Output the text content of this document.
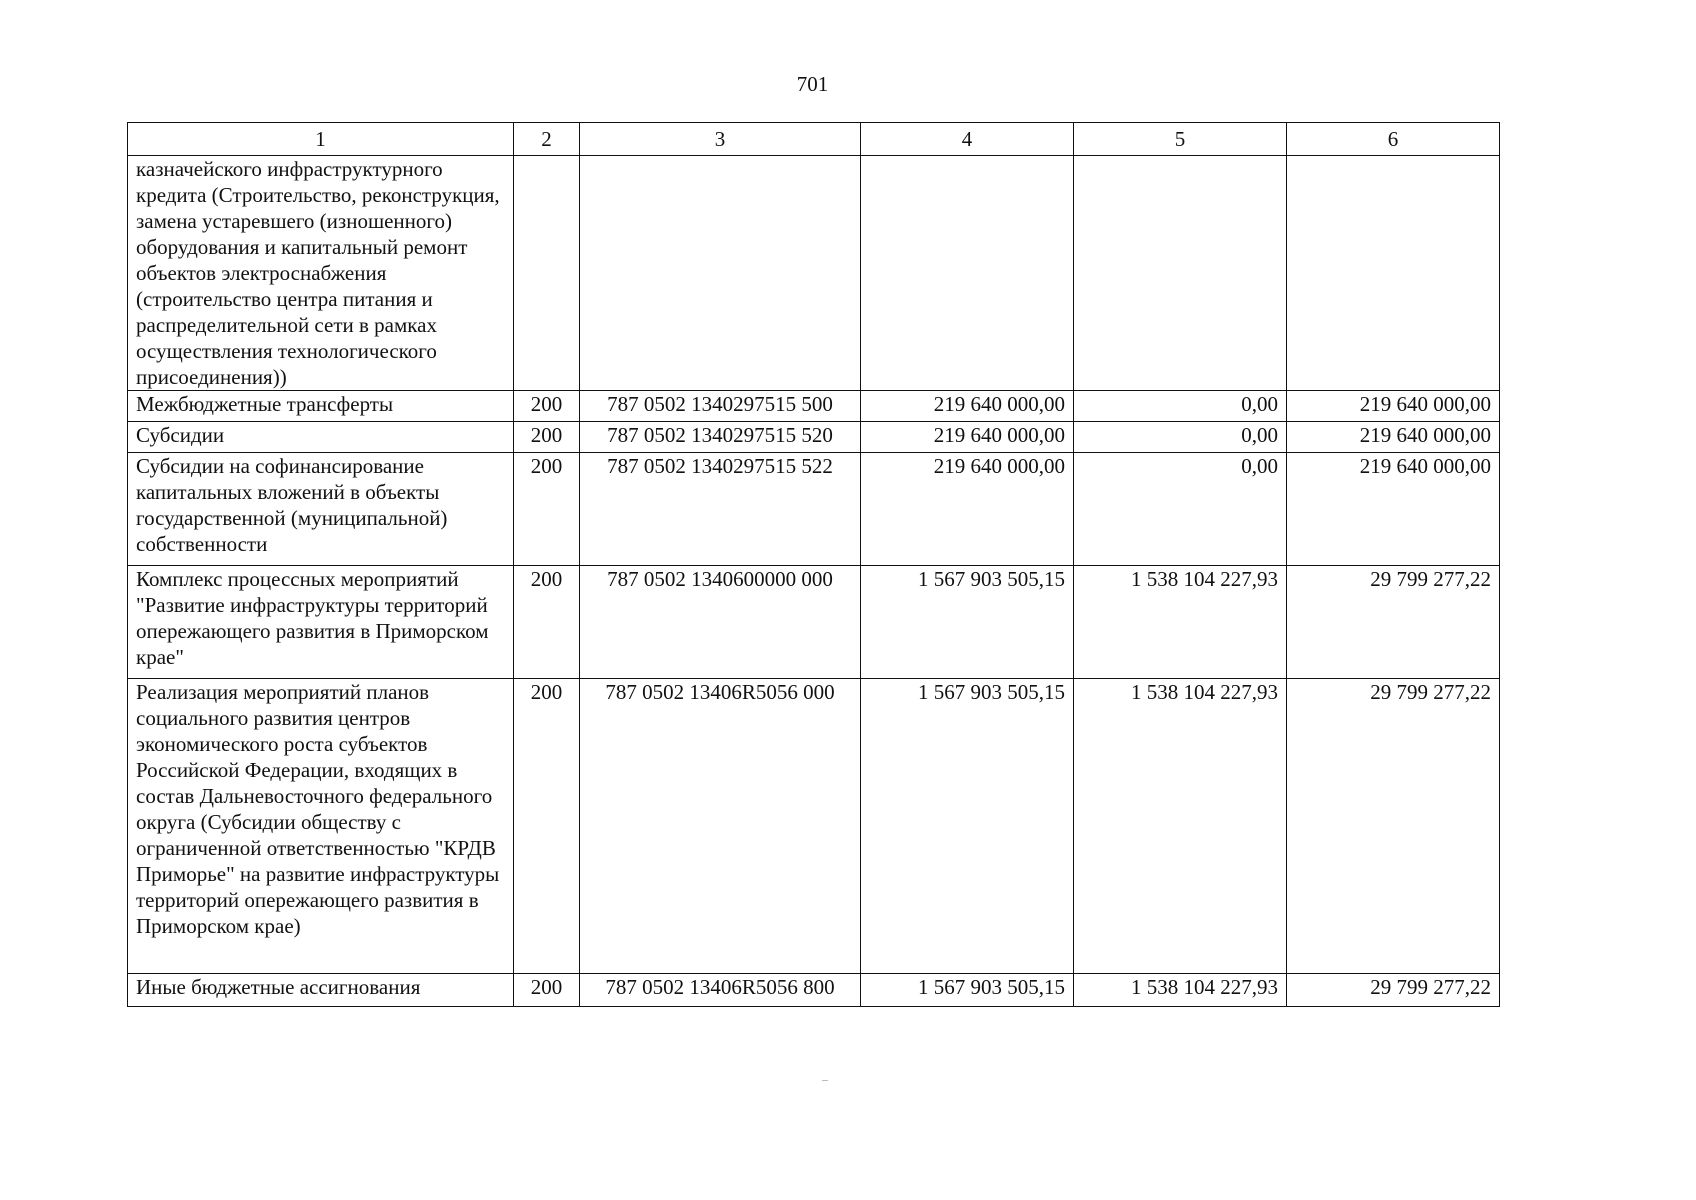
701
1	2	3	4	5	6
казначейского инфраструктурного кредита (Строительство, реконструкция, замена устаревшего (изношенного) оборудования и капитальный ремонт объектов электроснабжения (строительство центра питания и распределительной сети в рамках осуществления технологического присоединения))					
Межбюджетные трансферты	200	787 0502 1340297515 500	219 640 000,00	0,00	219 640 000,00
Субсидии	200	787 0502 1340297515 520	219 640 000,00	0,00	219 640 000,00
Субсидии на софинансирование капитальных вложений в объекты государственной (муниципальной) собственности	200	787 0502 1340297515 522	219 640 000,00	0,00	219 640 000,00
Комплекс процессных мероприятий "Развитие инфраструктуры территорий опережающего развития в Приморском крае"	200	787 0502 1340600000 000	1 567 903 505,15	1 538 104 227,93	29 799 277,22
Реализация мероприятий планов социального развития центров экономического роста субъектов Российской Федерации, входящих в состав Дальневосточного федерального округа (Субсидии обществу с ограниченной ответственностью "КРДВ Приморье" на развитие инфраструктуры территорий опережающего развития в Приморском крае)	200	787 0502 13406R5056 000	1 567 903 505,15	1 538 104 227,93	29 799 277,22
Иные бюджетные ассигнования	200	787 0502 13406R5056 800	1 567 903 505,15	1 538 104 227,93	29 799 277,22
